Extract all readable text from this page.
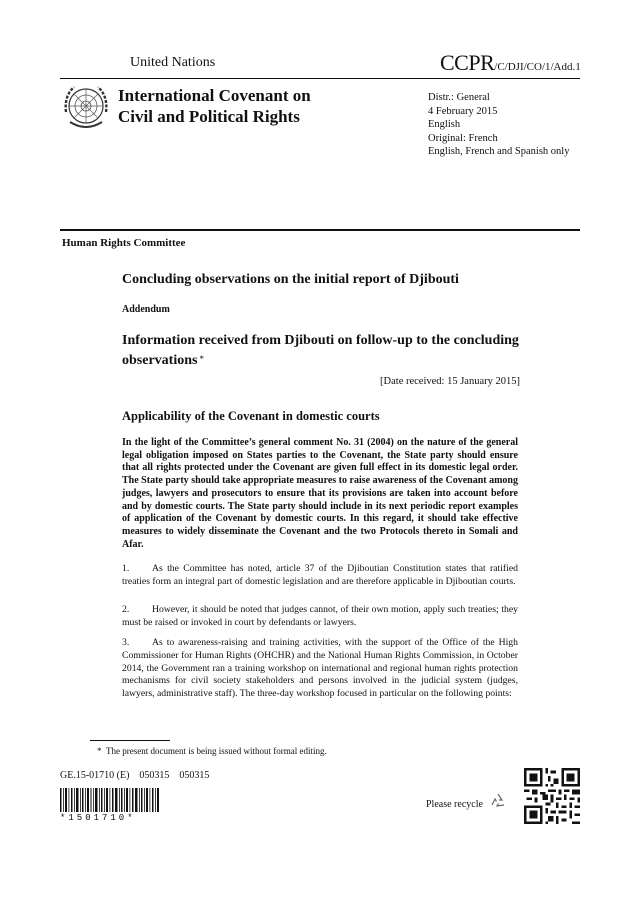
United Nations	CCPR/C/DJI/CO/1/Add.1
International Covenant on
Civil and Political Rights
Distr.: General
4 February 2015
English
Original: French
English, French and Spanish only
Human Rights Committee
Concluding observations on the initial report of Djibouti
Addendum
Information received from Djibouti on follow-up to the concluding observations *
[Date received: 15 January 2015]
Applicability of the Covenant in domestic courts
In the light of the Committee’s general comment No. 31 (2004) on the nature of the general legal obligation imposed on States parties to the Covenant, the State party should ensure that all rights protected under the Covenant are given full effect in its domestic legal order. The State party should take appropriate measures to raise awareness of the Covenant among judges, lawyers and prosecutors to ensure that its provisions are taken into account before and by domestic courts. The State party should include in its next periodic report examples of application of the Covenant by domestic courts. In this regard, it should take effective measures to widely disseminate the Covenant and the two Protocols thereto in Somali and Afar.
1. As the Committee has noted, article 37 of the Djiboutian Constitution states that ratified treaties form an integral part of domestic legislation and are therefore applicable in Djiboutian courts.
2. However, it should be noted that judges cannot, of their own motion, apply such treaties; they must be raised or invoked in court by defendants or lawyers.
3. As to awareness-raising and training activities, with the support of the Office of the High Commissioner for Human Rights (OHCHR) and the National Human Rights Commission, in October 2014, the Government ran a training workshop on international and regional human rights protection mechanisms for civil society stakeholders and persons involved in the judicial system (judges, lawyers, administrative staff). The three-day workshop focused in particular on the following points:
* The present document is being issued without formal editing.
GE.15-01710 (E)    050315    050315
*1501710*
Please recycle
